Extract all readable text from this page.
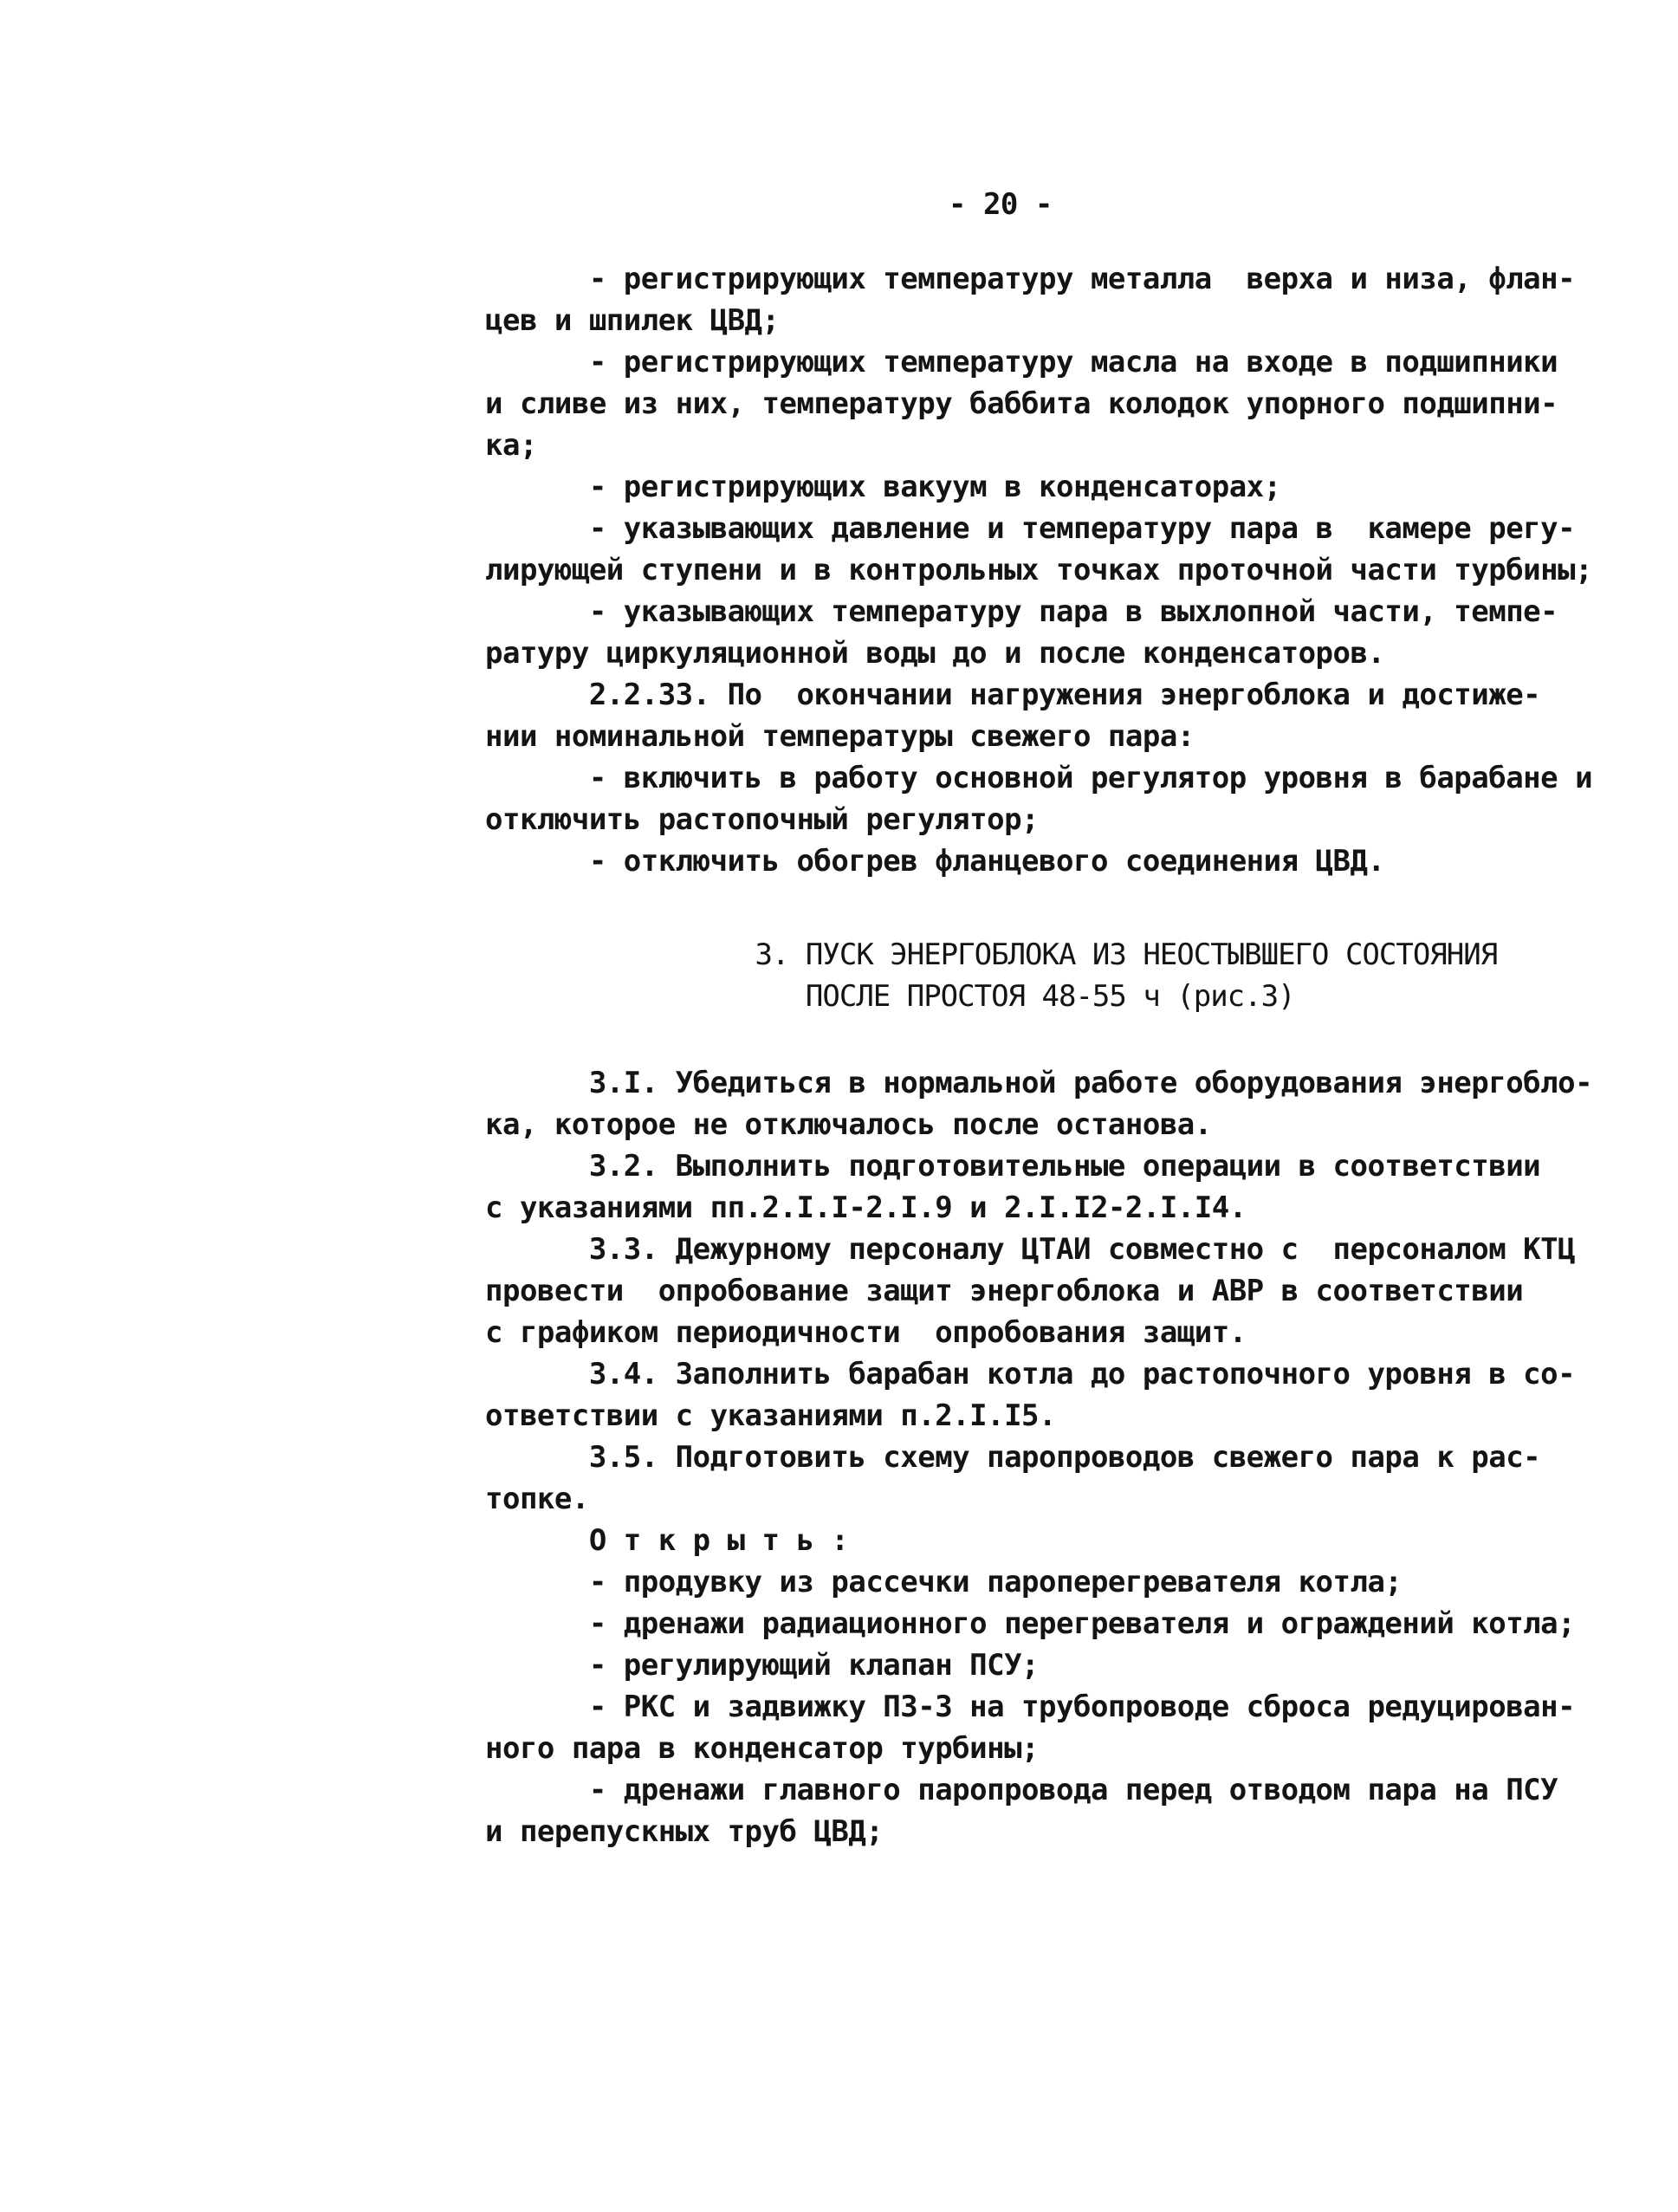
- 20 -
- регистрирующих температуру металла  верха и низа, флан-
цев и шпилек ЦВД;
- регистрирующих температуру масла на входе в подшипники
и сливе из них, температуру баббита колодок упорного подшипни-
ка;
- регистрирующих вакуум в конденсаторах;
- указывающих давление и температуру пара в  камере регу-
лирующей ступени и в контрольных точках проточной части турбины;
- указывающих температуру пара в выхлопной части, темпе-
ратуру циркуляционной воды до и после конденсаторов.
2.2.33. По  окончании нагружения энергоблока и достиже-
нии номинальной температуры свежего пара:
- включить в работу основной регулятор уровня в барабане и
отключить растопочный регулятор;
- отключить обогрев фланцевого соединения ЦВД.
3. ПУСК ЭНЕРГОБЛОКА ИЗ НЕОСТЫВШЕГО СОСТОЯНИЯ
ПОСЛЕ ПРОСТОЯ 48-55 ч (рис.3)
3.I. Убедиться в нормальной работе оборудования энергобло-
ка, которое не отключалось после останова.
3.2. Выполнить подготовительные операции в соответствии
с указаниями пп.2.I.I-2.I.9 и 2.I.I2-2.I.I4.
3.3. Дежурному персоналу ЦТАИ совместно с  персоналом КТЦ
провести  опробование защит энергоблока и АВР в соответствии
с графиком периодичности  опробования защит.
3.4. Заполнить барабан котла до растопочного уровня в со-
ответствии с указаниями п.2.I.I5.
3.5. Подготовить схему паропроводов свежего пара к рас-
топке.
О т к р ы т ь :
- продувку из рассечки пароперегревателя котла;
- дренажи радиационного перегревателя и ограждений котла;
- регулирующий клапан ПСУ;
- РКС и задвижку ПЗ-3 на трубопроводе сброса редуцирован-
ного пара в конденсатор турбины;
- дренажи главного паропровода перед отводом пара на ПСУ
и перепускных труб ЦВД;
